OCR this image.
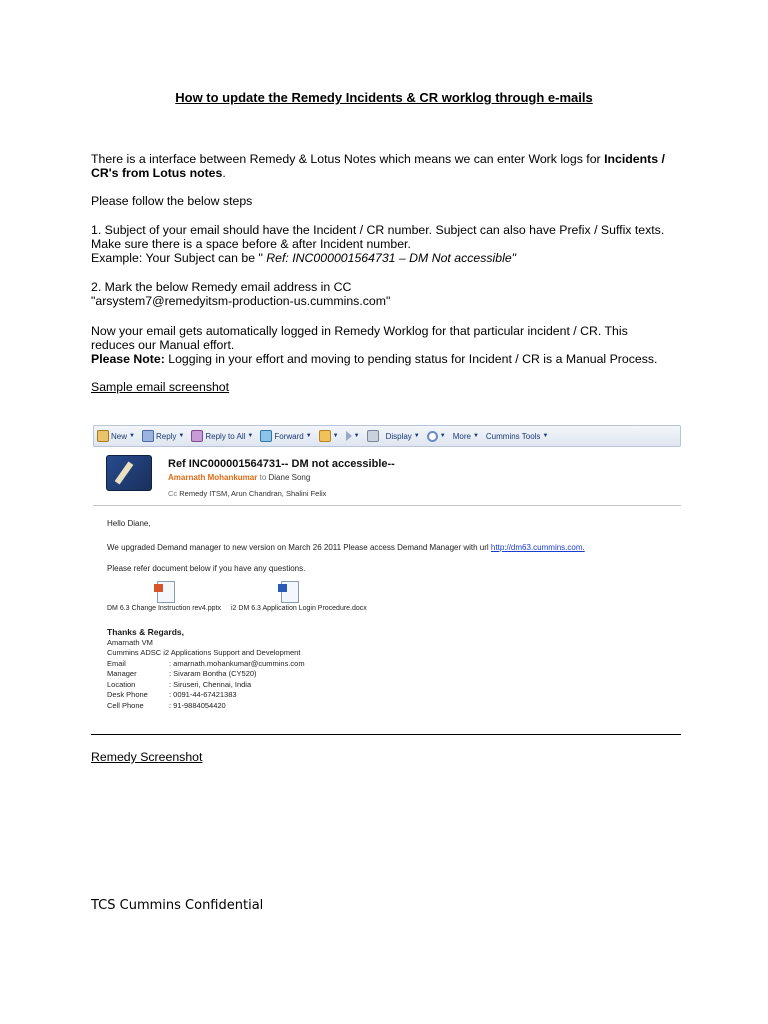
How to update the Remedy Incidents & CR worklog through e-mails
There is a interface between Remedy & Lotus Notes which means we can enter Work logs for Incidents / CR's from Lotus notes.
Please follow the below steps
1. Subject of your email should have the Incident / CR number. Subject can also have Prefix / Suffix texts.
Make sure there is a space before & after Incident number.
Example: Your Subject can be " Ref: INC000001564731 – DM Not accessible"
2. Mark the below Remedy email address in CC
"arsystem7@remedyitsm-production-us.cummins.com"
Now your email gets automatically logged in Remedy Worklog for that particular incident / CR. This
reduces our Manual effort.
Please Note: Logging in your effort and moving to pending status for Incident / CR is a Manual Process.
Sample email screenshot
New ▼	Reply ▼	Reply to All ▼	Forward ▼	▼	▼	Display ▼	▼ More ▼ Cummins Tools ▼
Ref INC000001564731-- DM not accessible--
Amarnath Mohankumar to Diane Song
Cc Remedy ITSM, Arun Chandran, Shalini Felix
Hello Diane,
We upgraded Demand manager to new version on March 26 2011 Please access Demand Manager with url http://dm63.cummins.com.
Please refer document below if you have any questions.
DM 6.3 Change Instruction rev4.pptx i2 DM 6.3 Application Login Procedure.docx
Thanks & Regards,
Amarnath VM
Cummins ADSC i2 Applications Support and Development
Email	: amarnath.mohankumar@cummins.com
Manager	: Sivaram Bontha (CY520)
Location	: Siruseri, Chennai, India
Desk Phone	: 0091-44-67421383
Cell Phone	: 91-9884054420
Remedy Screenshot
TCS Cummins Confidential
